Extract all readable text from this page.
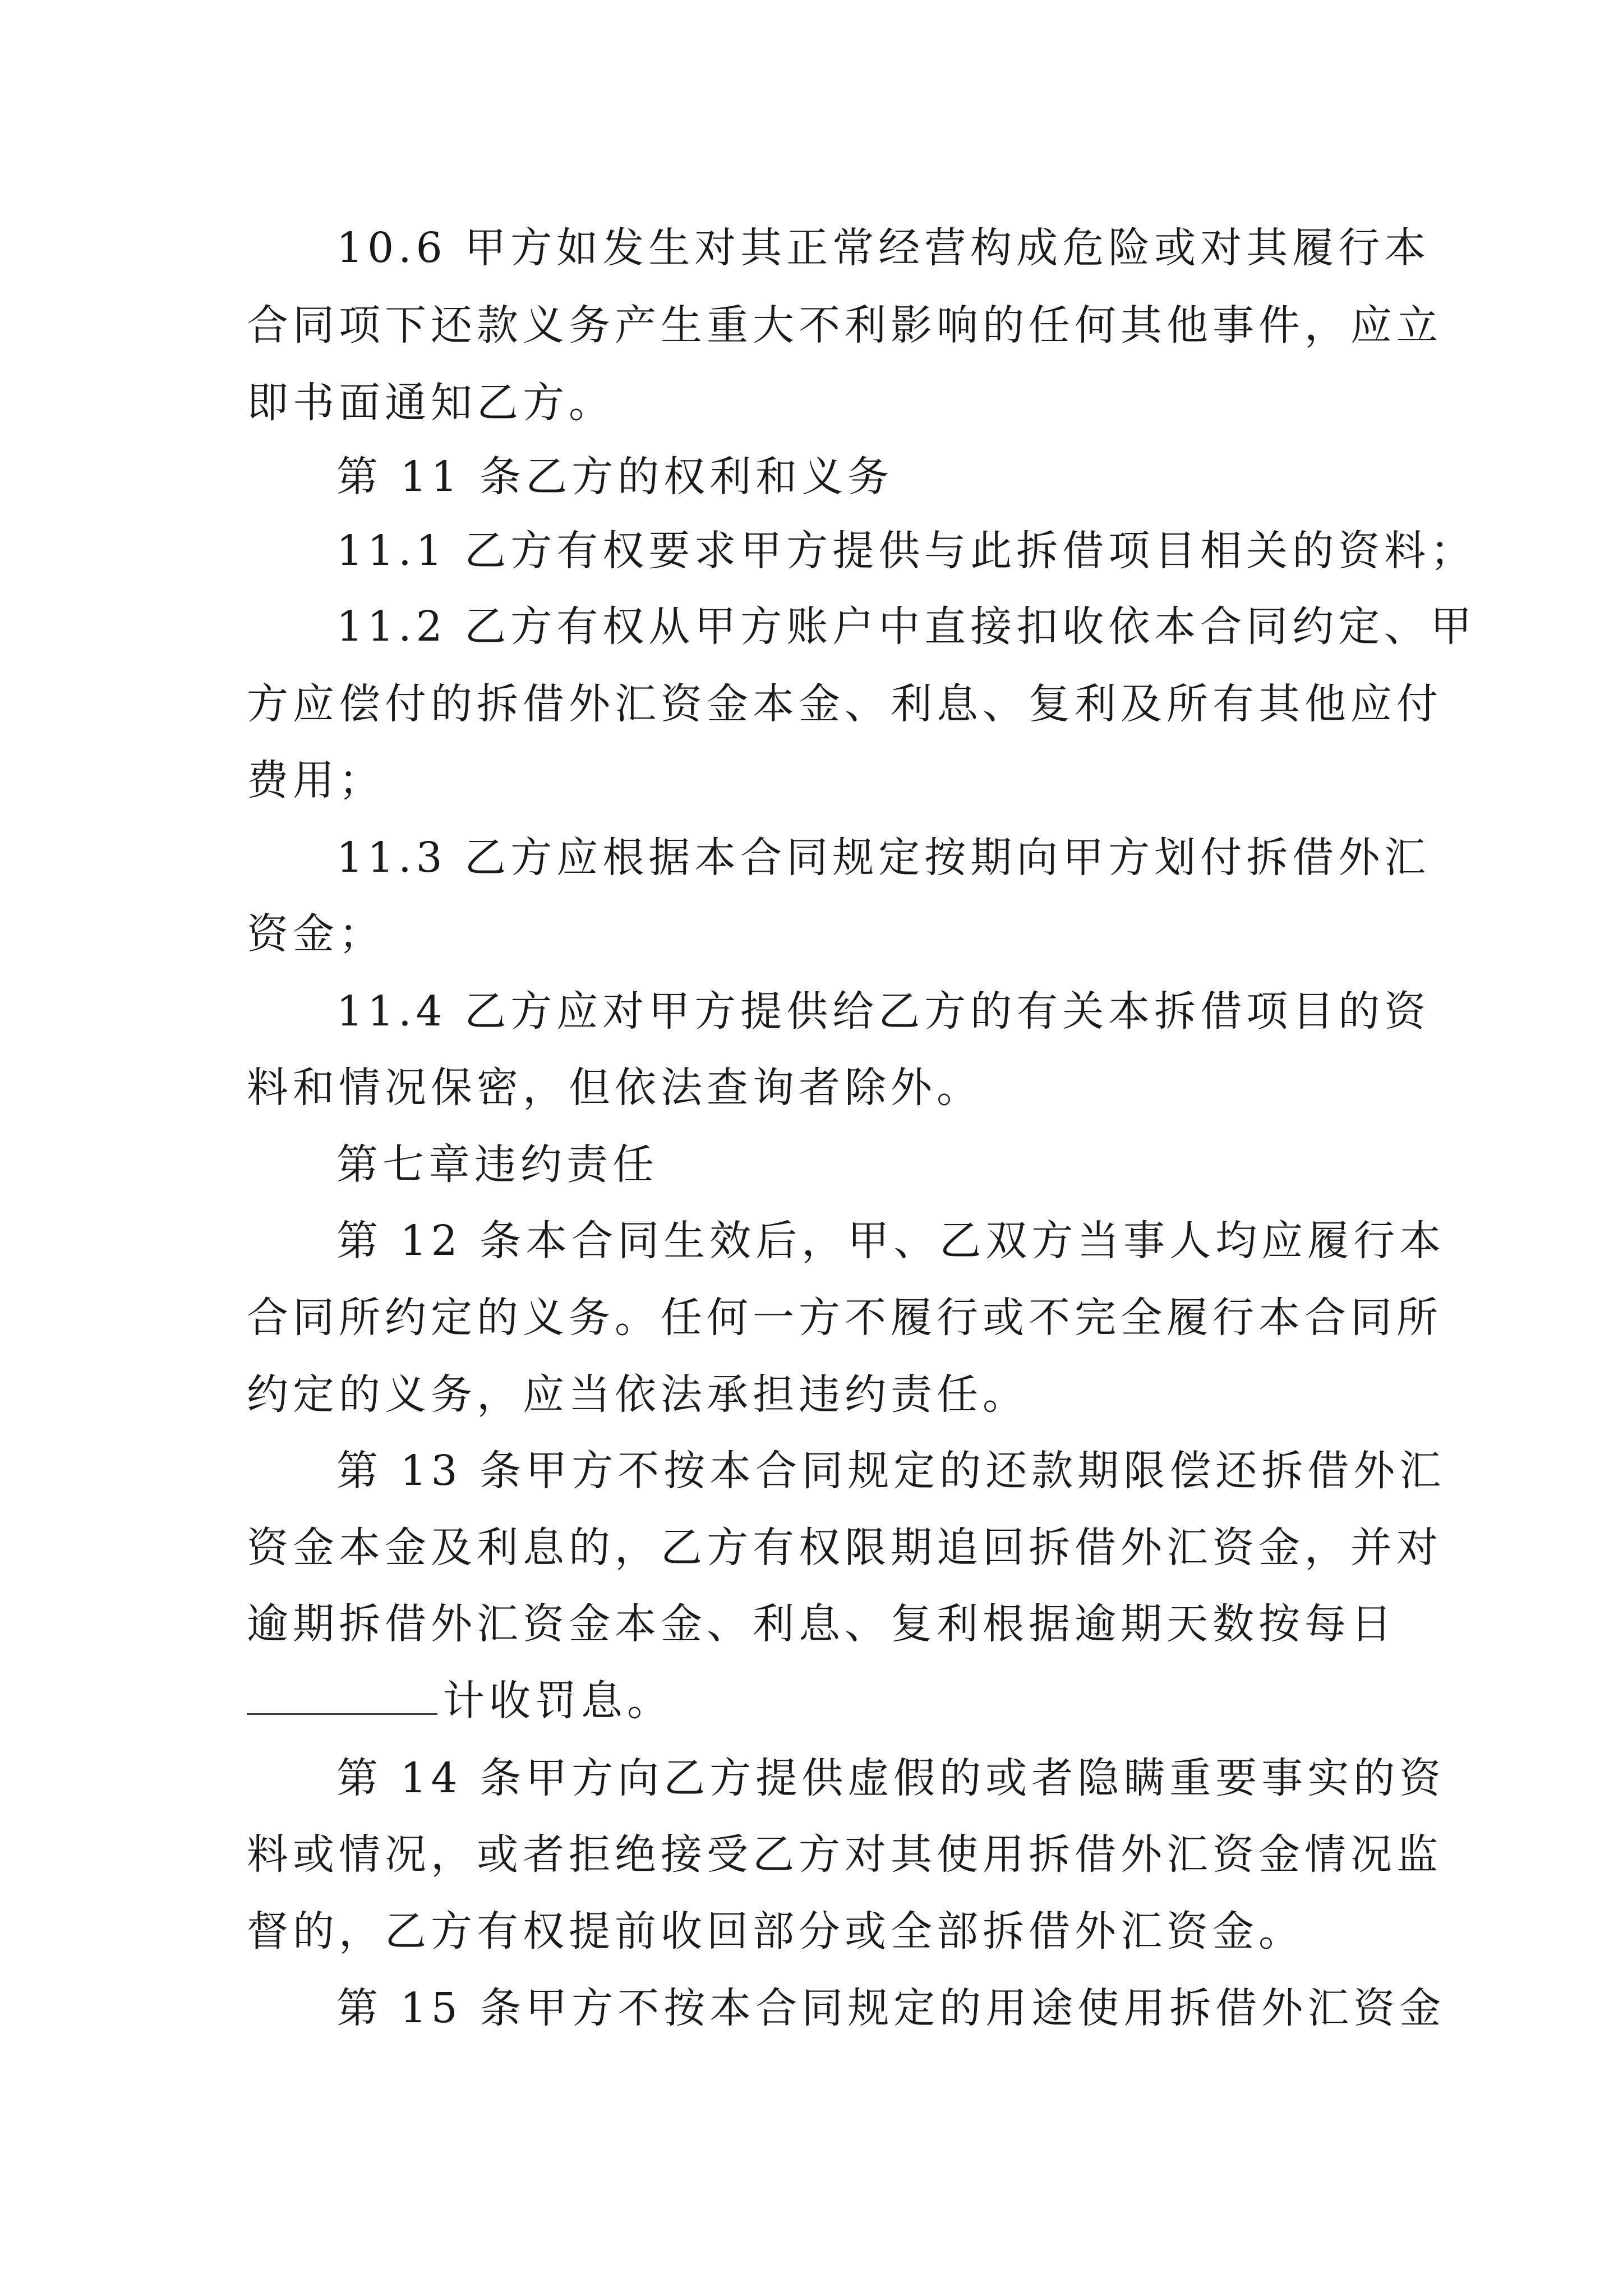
10.6 甲方如发生对其正常经营构成危险或对其履行本
合同项下还款义务产生重大不利影响的任何其他事件，应立
即书面通知乙方。
第 11 条乙方的权利和义务
11.1 乙方有权要求甲方提供与此拆借项目相关的资料；
11.2 乙方有权从甲方账户中直接扣收依本合同约定、甲
方应偿付的拆借外汇资金本金、利息、复利及所有其他应付
费用；
11.3 乙方应根据本合同规定按期向甲方划付拆借外汇
资金；
11.4 乙方应对甲方提供给乙方的有关本拆借项目的资
料和情况保密，但依法查询者除外。
第七章违约责任
第 12 条本合同生效后，甲、乙双方当事人均应履行本
合同所约定的义务。任何一方不履行或不完全履行本合同所
约定的义务，应当依法承担违约责任。
第 13 条甲方不按本合同规定的还款期限偿还拆借外汇
资金本金及利息的，乙方有权限期追回拆借外汇资金，并对
逾期拆借外汇资金本金、利息、复利根据逾期天数按每日
计收罚息。
第 14 条甲方向乙方提供虚假的或者隐瞒重要事实的资
料或情况，或者拒绝接受乙方对其使用拆借外汇资金情况监
督的，乙方有权提前收回部分或全部拆借外汇资金。
第 15 条甲方不按本合同规定的用途使用拆借外汇资金
